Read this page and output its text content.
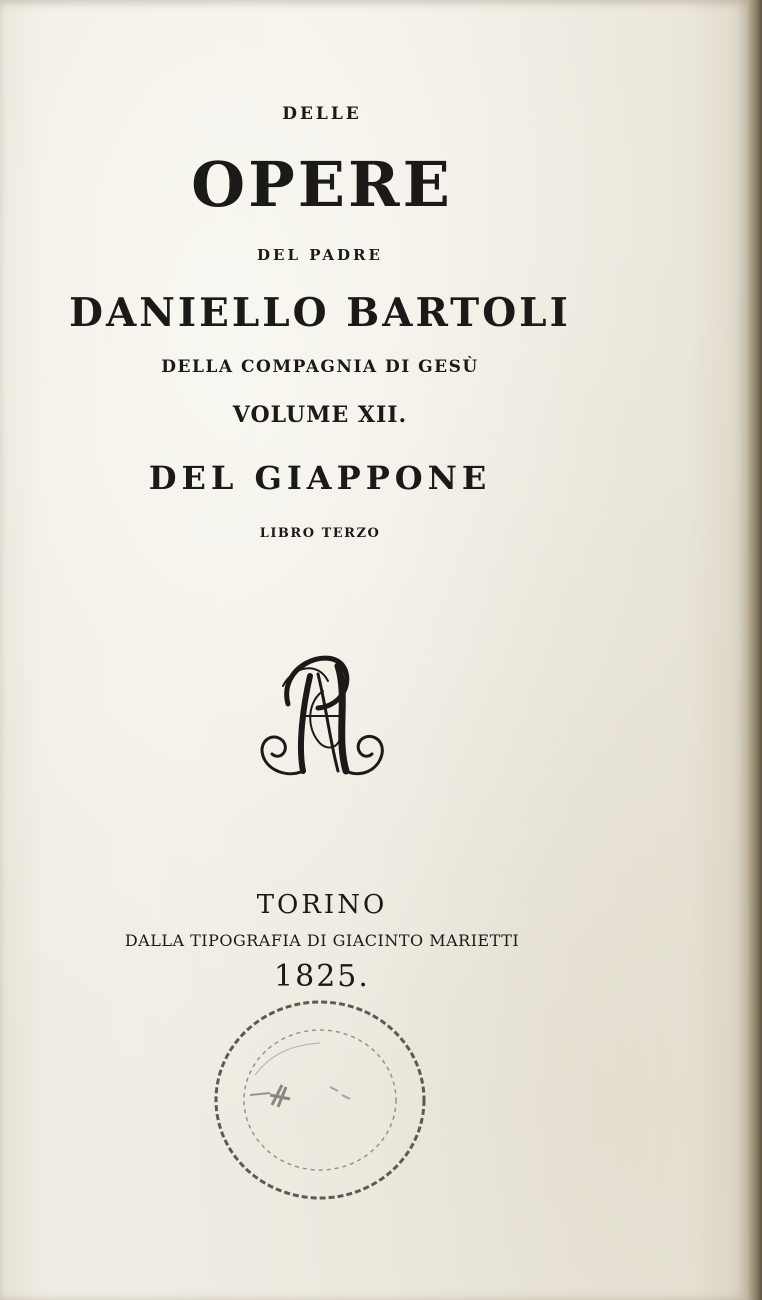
DELLE
OPERE
DEL PADRE
DANIELLO BARTOLI
DELLA COMPAGNIA DI GESÙ
VOLUME XII.
DEL GIAPPONE
LIBRO TERZO
TORINO
DALLA TIPOGRAFIA DI GIACINTO MARIETTI
1825.
